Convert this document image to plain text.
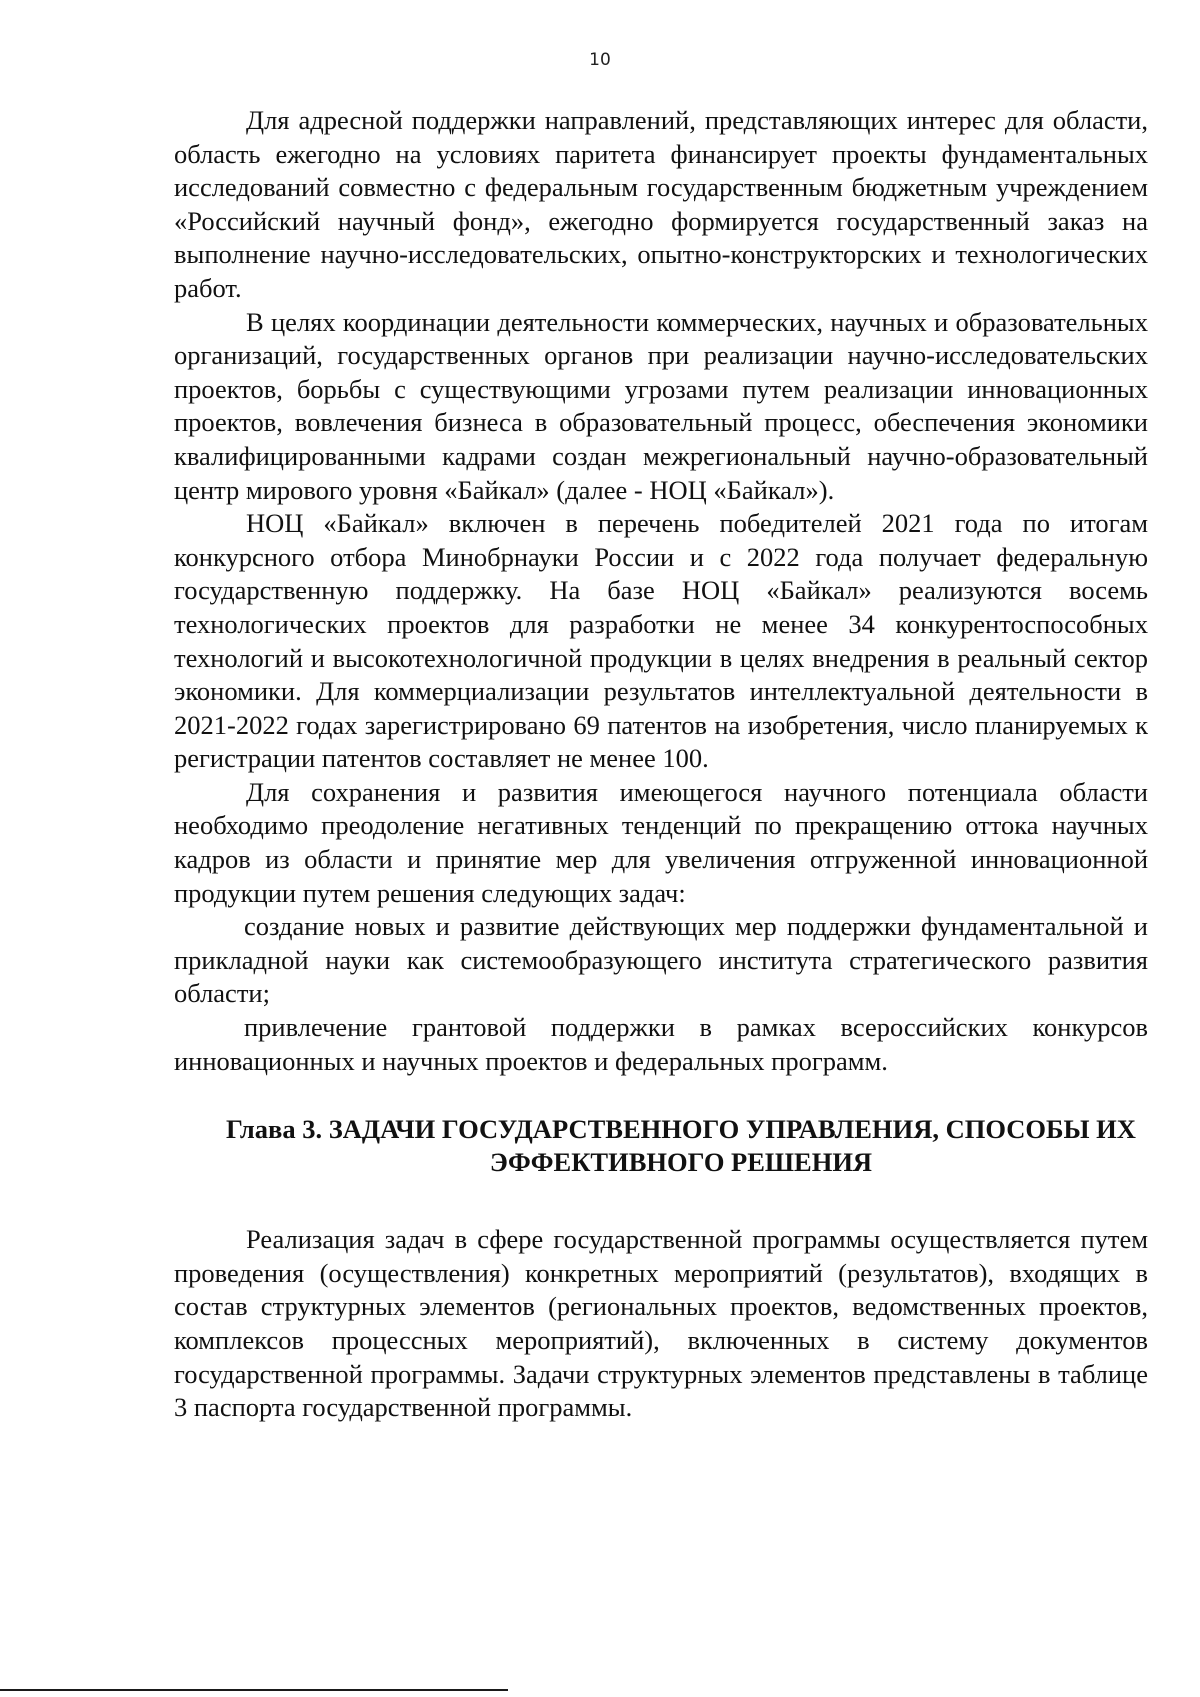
10

Для адресной поддержки направлений, представляющих интерес для области, область ежегодно на условиях паритета финансирует проекты фундаментальных исследований совместно с федеральным государственным бюджетным учреждением «Российский научный фонд», ежегодно формируется государственный заказ на выполнение научно-исследовательских, опытно-конструкторских и технологических работ.

В целях координации деятельности коммерческих, научных и образовательных организаций, государственных органов при реализации научно-исследовательских проектов, борьбы с существующими угрозами путем реализации инновационных проектов, вовлечения бизнеса в образовательный процесс, обеспечения экономики квалифицированными кадрами создан межрегиональный научно-образовательный центр мирового уровня «Байкал» (далее - НОЦ «Байкал»).

НОЦ «Байкал» включен в перечень победителей 2021 года по итогам конкурсного отбора Минобрнауки России и с 2022 года получает федеральную государственную поддержку. На базе НОЦ «Байкал» реализуются восемь технологических проектов для разработки не менее 34 конкурентоспособных технологий и высокотехнологичной продукции в целях внедрения в реальный сектор экономики. Для коммерциализации результатов интеллектуальной деятельности в 2021-2022 годах зарегистрировано 69 патентов на изобретения, число планируемых к регистрации патентов составляет не менее 100.

Для сохранения и развития имеющегося научного потенциала области необходимо преодоление негативных тенденций по прекращению оттока научных кадров из области и принятие мер для увеличения отгруженной инновационной продукции путем решения следующих задач:

создание новых и развитие действующих мер поддержки фундаментальной и прикладной науки как системообразующего института стратегического развития области;

привлечение грантовой поддержки в рамках всероссийских конкурсов инновационных и научных проектов и федеральных программ.

Глава 3. ЗАДАЧИ ГОСУДАРСТВЕННОГО УПРАВЛЕНИЯ, СПОСОБЫ ИХ
ЭФФЕКТИВНОГО РЕШЕНИЯ

Реализация задач в сфере государственной программы осуществляется путем проведения (осуществления) конкретных мероприятий (результатов), входящих в состав структурных элементов (региональных проектов, ведомственных проектов, комплексов процессных мероприятий), включенных в систему документов государственной программы. Задачи структурных элементов представлены в таблице 3 паспорта государственной программы.
